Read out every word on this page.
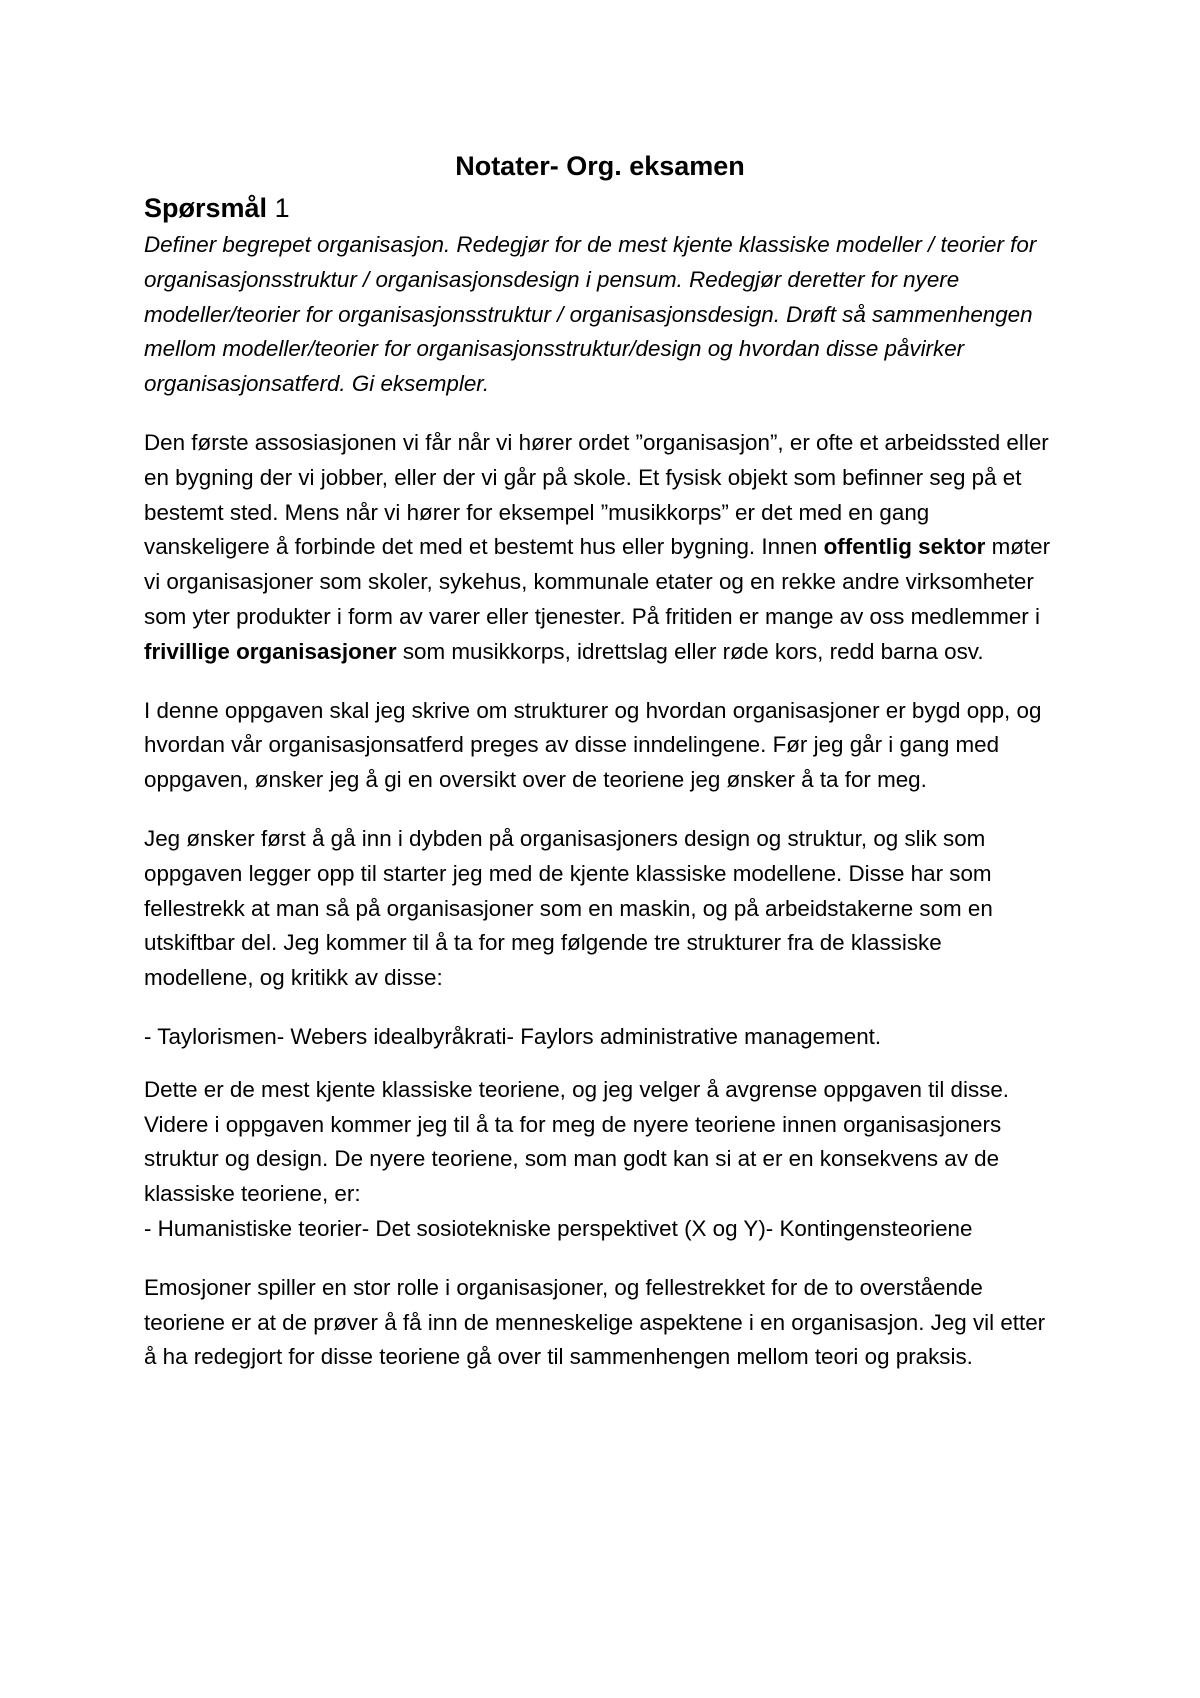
Notater- Org. eksamen
Spørsmål 1
Definer begrepet organisasjon. Redegjør for de mest kjente klassiske modeller / teorier for organisasjonsstruktur / organisasjonsdesign i pensum. Redegjør deretter for nyere modeller/teorier for organisasjonsstruktur / organisasjonsdesign. Drøft så sammenhengen mellom modeller/teorier for organisasjonsstruktur/design og hvordan disse påvirker organisasjonsatferd. Gi eksempler.

Den første assosiasjonen vi får når vi hører ordet ”organisasjon”, er ofte et arbeidssted eller en bygning der vi jobber, eller der vi går på skole. Et fysisk objekt som befinner seg på et bestemt sted. Mens når vi hører for eksempel ”musikkorps” er det med en gang vanskeligere å forbinde det med et bestemt hus eller bygning. Innen offentlig sektor møter vi organisasjoner som skoler, sykehus, kommunale etater og en rekke andre virksomheter som yter produkter i form av varer eller tjenester. På fritiden er mange av oss medlemmer i frivillige organisasjoner som musikkorps, idrettslag eller røde kors, redd barna osv.

I denne oppgaven skal jeg skrive om strukturer og hvordan organisasjoner er bygd opp, og hvordan vår organisasjonsatferd preges av disse inndelingene. Før jeg går i gang med oppgaven, ønsker jeg å gi en oversikt over de teoriene jeg ønsker å ta for meg.

Jeg ønsker først å gå inn i dybden på organisasjoners design og struktur, og slik som oppgaven legger opp til starter jeg med de kjente klassiske modellene. Disse har som fellestrekk at man så på organisasjoner som en maskin, og på arbeidstakerne som en utskiftbar del. Jeg kommer til å ta for meg følgende tre strukturer fra de klassiske modellene, og kritikk av disse:

- Taylorismen- Webers idealbyråkrati- Faylors administrative management.

Dette er de mest kjente klassiske teoriene, og jeg velger å avgrense oppgaven til disse. Videre i oppgaven kommer jeg til å ta for meg de nyere teoriene innen organisasjoners struktur og design. De nyere teoriene, som man godt kan si at er en konsekvens av de klassiske teoriene, er:
- Humanistiske teorier- Det sosiotekniske perspektivet (X og Y)- Kontingensteoriene

Emosjoner spiller en stor rolle i organisasjoner, og fellestrekket for de to overstående teoriene er at de prøver å få inn de menneskelige aspektene i en organisasjon. Jeg vil etter å ha redegjort for disse teoriene gå over til sammenhengen mellom teori og praksis.
